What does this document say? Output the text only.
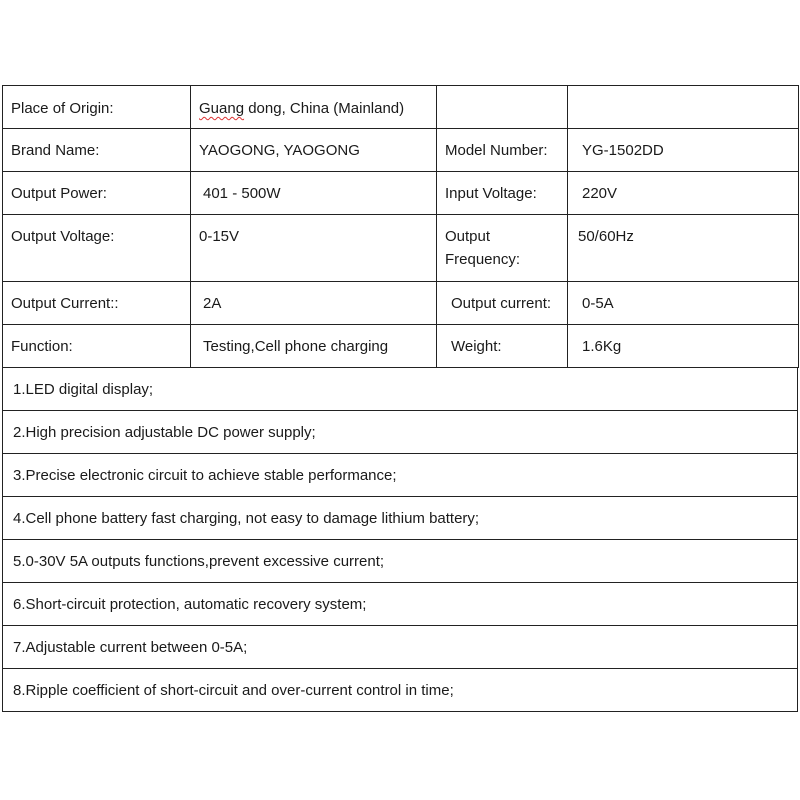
Place of Origin:	Guang dong, China (Mainland)		
Brand Name:	YAOGONG, YAOGONG	Model Number:	YG-1502DD
Output Power:	401 - 500W	Input Voltage:	220V
Output Voltage:	0-15V	Output Frequency:	50/60Hz
Output Current::	2A	Output current:	0-5A
Function:	Testing,Cell phone charging	Weight:	1.6Kg
1.LED digital display;
2.High precision adjustable DC power supply;
3.Precise electronic circuit to achieve stable performance;
4.Cell phone battery fast charging, not easy to damage lithium battery;
5.0-30V 5A outputs functions,prevent excessive current;
6.Short-circuit protection, automatic recovery system;
7.Adjustable current between 0-5A;
8.Ripple coefficient of short-circuit and over-current control in time;
